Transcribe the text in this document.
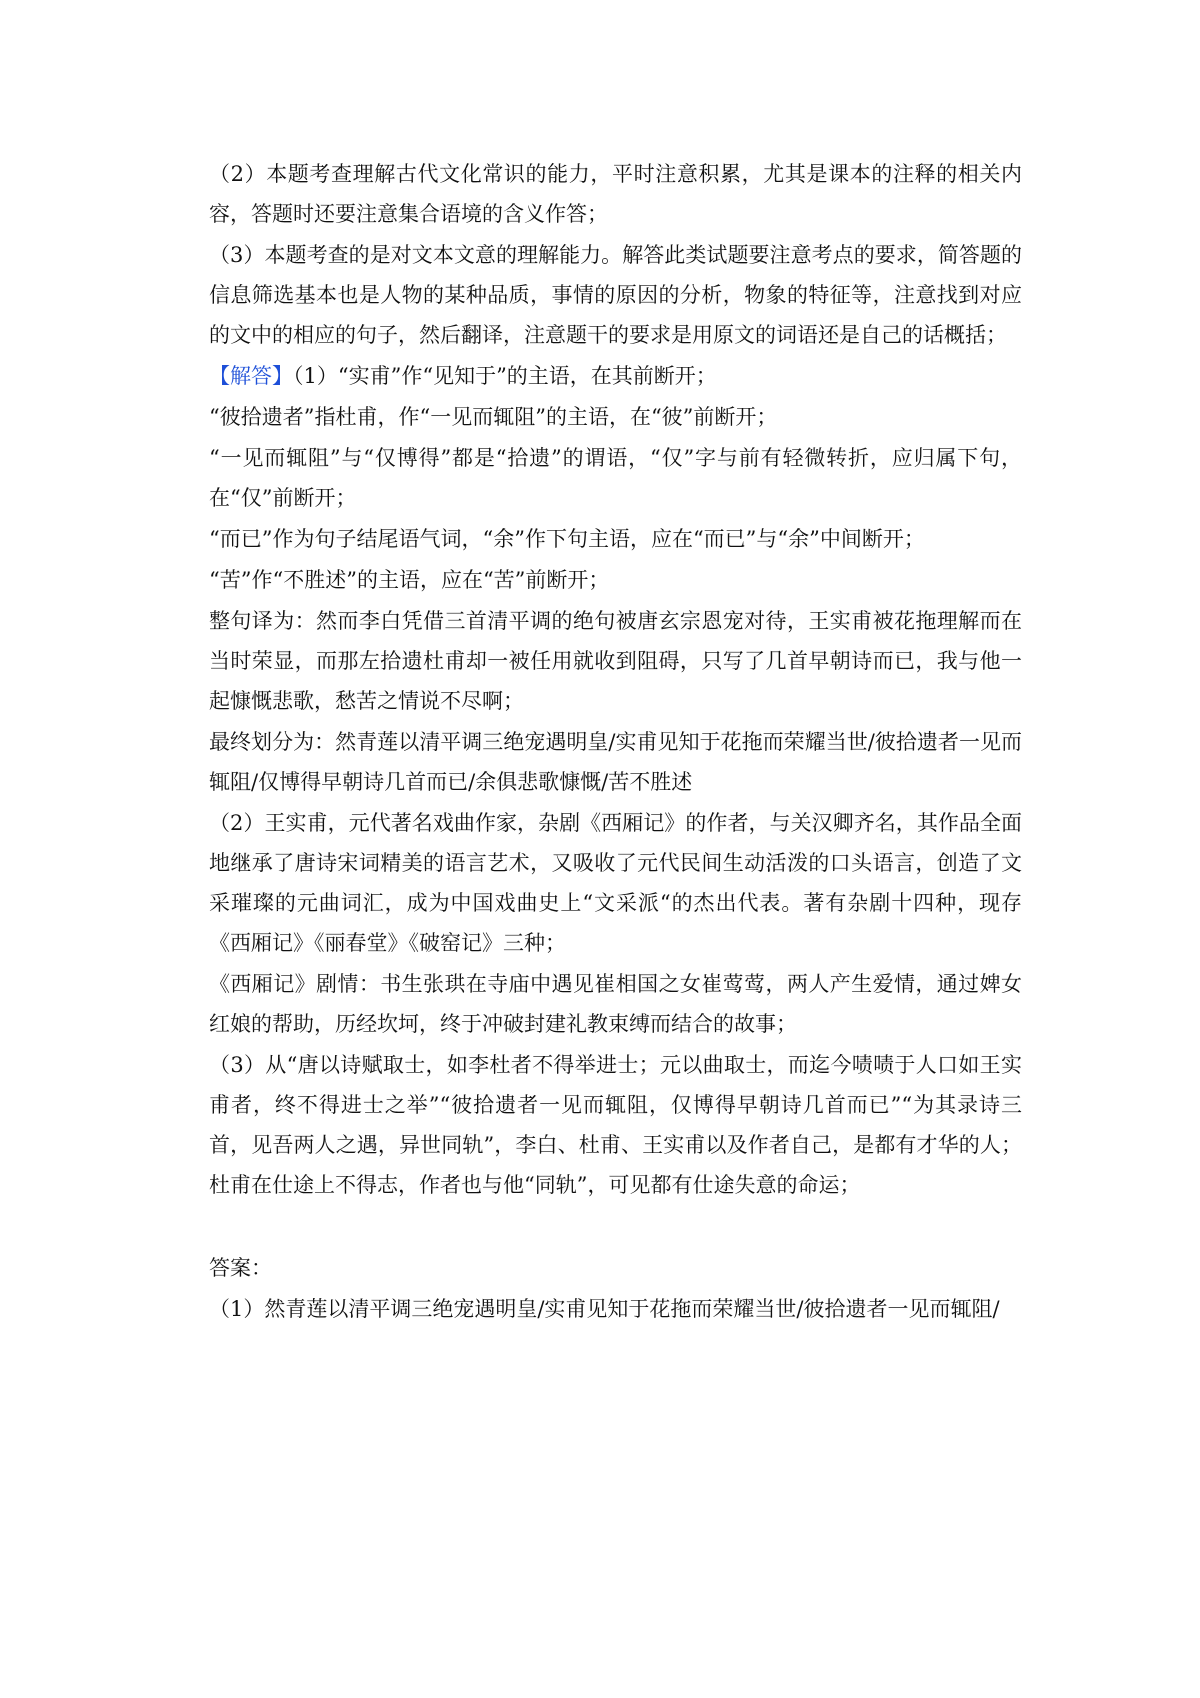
（2）本题考查理解古代文化常识的能力，平时注意积累，尤其是课本的注释的相关内容，答题时还要注意集合语境的含义作答；

（3）本题考查的是对文本文意的理解能力。解答此类试题要注意考点的要求，简答题的信息筛选基本也是人物的某种品质，事情的原因的分析，物象的特征等，注意找到对应的文中的相应的句子，然后翻译，注意题干的要求是用原文的词语还是自己的话概括；

【解答】（1）“实甫”作“见知于”的主语，在其前断开；

“彼拾遗者”指杜甫，作“一见而辄阻”的主语，在“彼”前断开；

“一见而辄阻”与“仅博得”都是“拾遗”的谓语，“仅”字与前有轻微转折，应归属下句，在“仅”前断开；

“而已”作为句子结尾语气词，“余”作下句主语，应在“而已”与“余”中间断开；

“苦”作“不胜述”的主语，应在“苦”前断开；

整句译为：然而李白凭借三首清平调的绝句被唐玄宗恩宠对待，王实甫被花拖理解而在当时荣显，而那左拾遗杜甫却一被任用就收到阻碍，只写了几首早朝诗而已，我与他一起慷慨悲歌，愁苦之情说不尽啊；

最终划分为：然青莲以清平调三绝宠遇明皇/实甫见知于花拖而荣耀当世/彼拾遗者一见而辄阻/仅博得早朝诗几首而已/余俱悲歌慷慨/苦不胜述

（2）王实甫，元代著名戏曲作家，杂剧《西厢记》的作者，与关汉卿齐名，其作品全面地继承了唐诗宋词精美的语言艺术，又吸收了元代民间生动活泼的口头语言，创造了文采璀璨的元曲词汇，成为中国戏曲史上“文采派“的杰出代表。著有杂剧十四种，现存《西厢记》《丽春堂》《破窑记》三种；

《西厢记》剧情：书生张珙在寺庙中遇见崔相国之女崔莺莺，两人产生爱情，通过婢女红娘的帮助，历经坎坷，终于冲破封建礼教束缚而结合的故事；

（3）从“唐以诗赋取士，如李杜者不得举进士；元以曲取士，而迄今啧啧于人口如王实甫者，终不得进士之举”“彼拾遗者一见而辄阻，仅博得早朝诗几首而已”“为其录诗三首，见吾两人之遇，异世同轨”，李白、杜甫、王实甫以及作者自己，是都有才华的人；杜甫在仕途上不得志，作者也与他“同轨”，可见都有仕途失意的命运；

答案：

（1）然青莲以清平调三绝宠遇明皇/实甫见知于花拖而荣耀当世/彼拾遗者一见而辄阻/
